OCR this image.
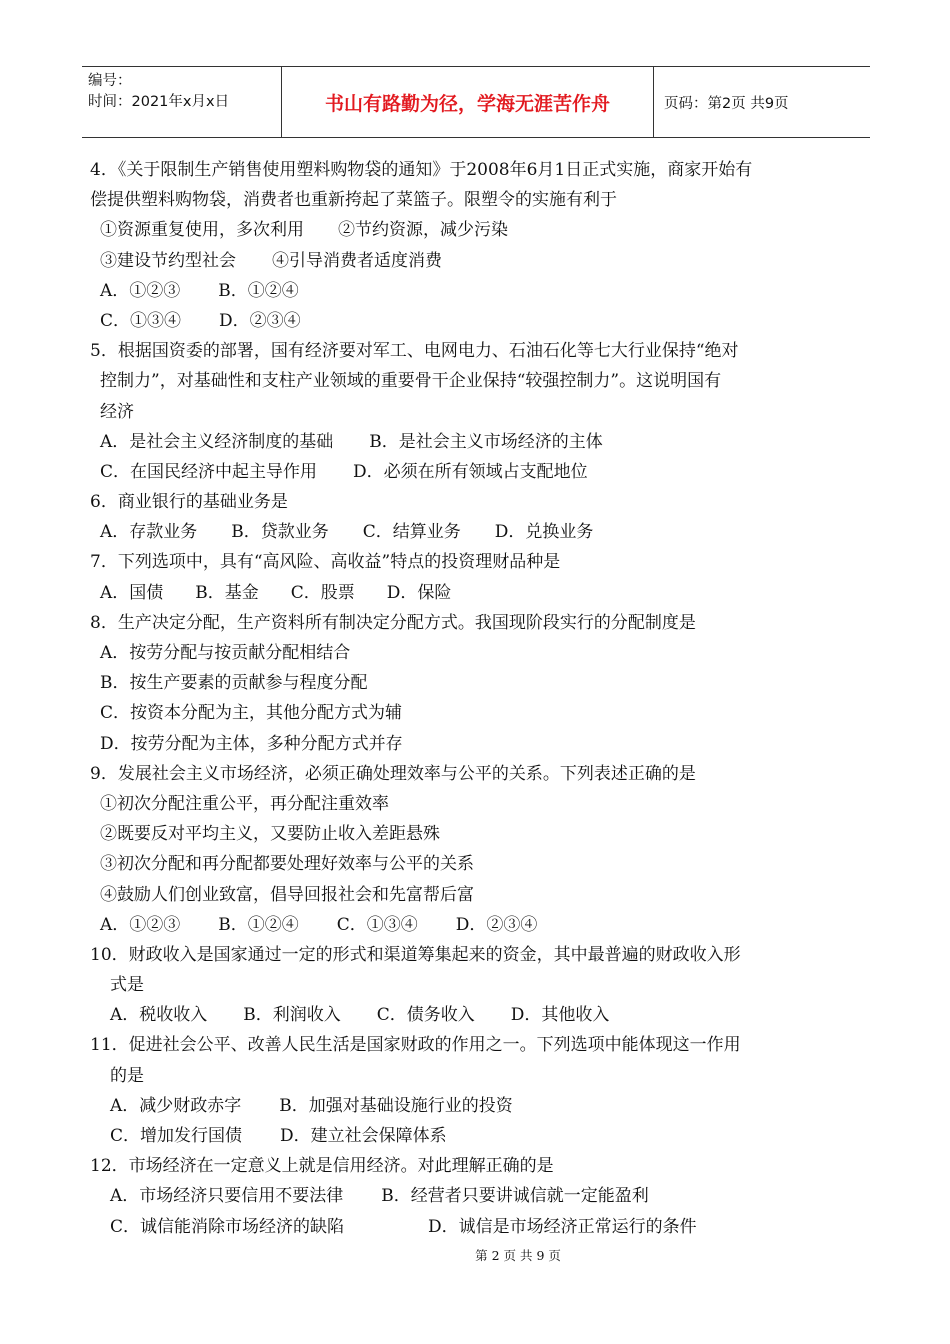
编号：
时间：2021年x月x日	书山有路勤为径，学海无涯苦作舟	页码：第2页 共9页
4．《关于限制生产销售使用塑料购物袋的通知》于2008年6月1日正式实施，商家开始有
偿提供塑料购物袋，消费者也重新挎起了菜篮子。限塑令的实施有利于
①资源重复使用，多次利用 ②节约资源，减少污染
③建设节约型社会 ④引导消费者适度消费
A．①②③ B．①②④
C．①③④ D．②③④
5．根据国资委的部署，国有经济要对军工、电网电力、石油石化等七大行业保持“绝对
控制力”，对基础性和支柱产业领域的重要骨干企业保持“较强控制力”。这说明国有
经济
A．是社会主义经济制度的基础 B．是社会主义市场经济的主体
C．在国民经济中起主导作用 D．必须在所有领域占支配地位
6．商业银行的基础业务是
A．存款业务 B．贷款业务 C．结算业务 D．兑换业务
7．下列选项中，具有“高风险、高收益”特点的投资理财品种是
A．国债 B．基金 C．股票 D．保险
8．生产决定分配，生产资料所有制决定分配方式。我国现阶段实行的分配制度是
A．按劳分配与按贡献分配相结合
B．按生产要素的贡献参与程度分配
C．按资本分配为主，其他分配方式为辅
D．按劳分配为主体，多种分配方式并存
9．发展社会主义市场经济，必须正确处理效率与公平的关系。下列表述正确的是
①初次分配注重公平，再分配注重效率
②既要反对平均主义，又要防止收入差距悬殊
③初次分配和再分配都要处理好效率与公平的关系
④鼓励人们创业致富，倡导回报社会和先富帮后富
A．①②③ B．①②④ C．①③④ D．②③④
10．财政收入是国家通过一定的形式和渠道筹集起来的资金，其中最普遍的财政收入形
式是
A．税收收入 B．利润收入 C．债务收入 D．其他收入
11．促进社会公平、改善人民生活是国家财政的作用之一。下列选项中能体现这一作用
的是
A．减少财政赤字 B．加强对基础设施行业的投资
C．增加发行国债 D．建立社会保障体系
12．市场经济在一定意义上就是信用经济。对此理解正确的是
A．市场经济只要信用不要法律 B．经营者只要讲诚信就一定能盈利
C．诚信能消除市场经济的缺陷	D．诚信是市场经济正常运行的条件
第 2 页 共 9 页
